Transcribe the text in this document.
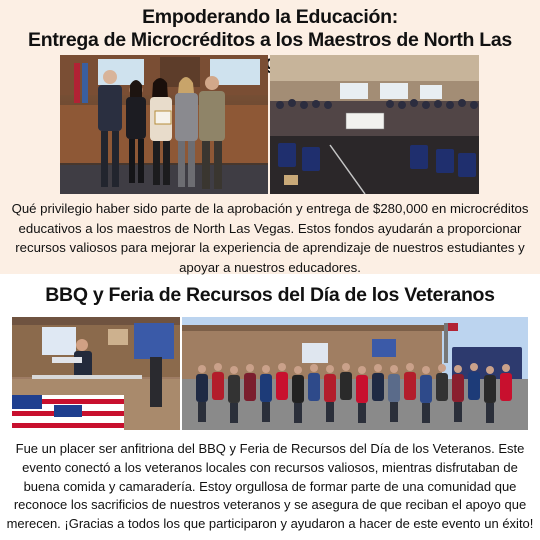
Empoderando la Educación:
Entrega de Microcréditos a los Maestros de North Las
Qué privilegio haber sido parte de la aprobación y entrega de $280,000 en microcréditos educativos a los maestros de North Las Vegas. Estos fondos ayudarán a proporcionar recursos valiosos para mejorar la experiencia de aprendizaje de nuestros estudiantes y apoyar a nuestros educadores.
BBQ y Feria de Recursos del Día de los Veteranos
Fue un placer ser anfitriona del BBQ y Feria de Recursos del Día de los Veteranos. Este evento conectó a los veteranos locales con recursos valiosos, mientras disfrutaban de buena comida y camaradería. Estoy orgullosa de formar parte de una comunidad que reconoce los sacrificios de nuestros veteranos y se asegura de que reciban el apoyo que merecen. ¡Gracias a todos los que participaron y ayudaron a hacer de este evento un éxito!
